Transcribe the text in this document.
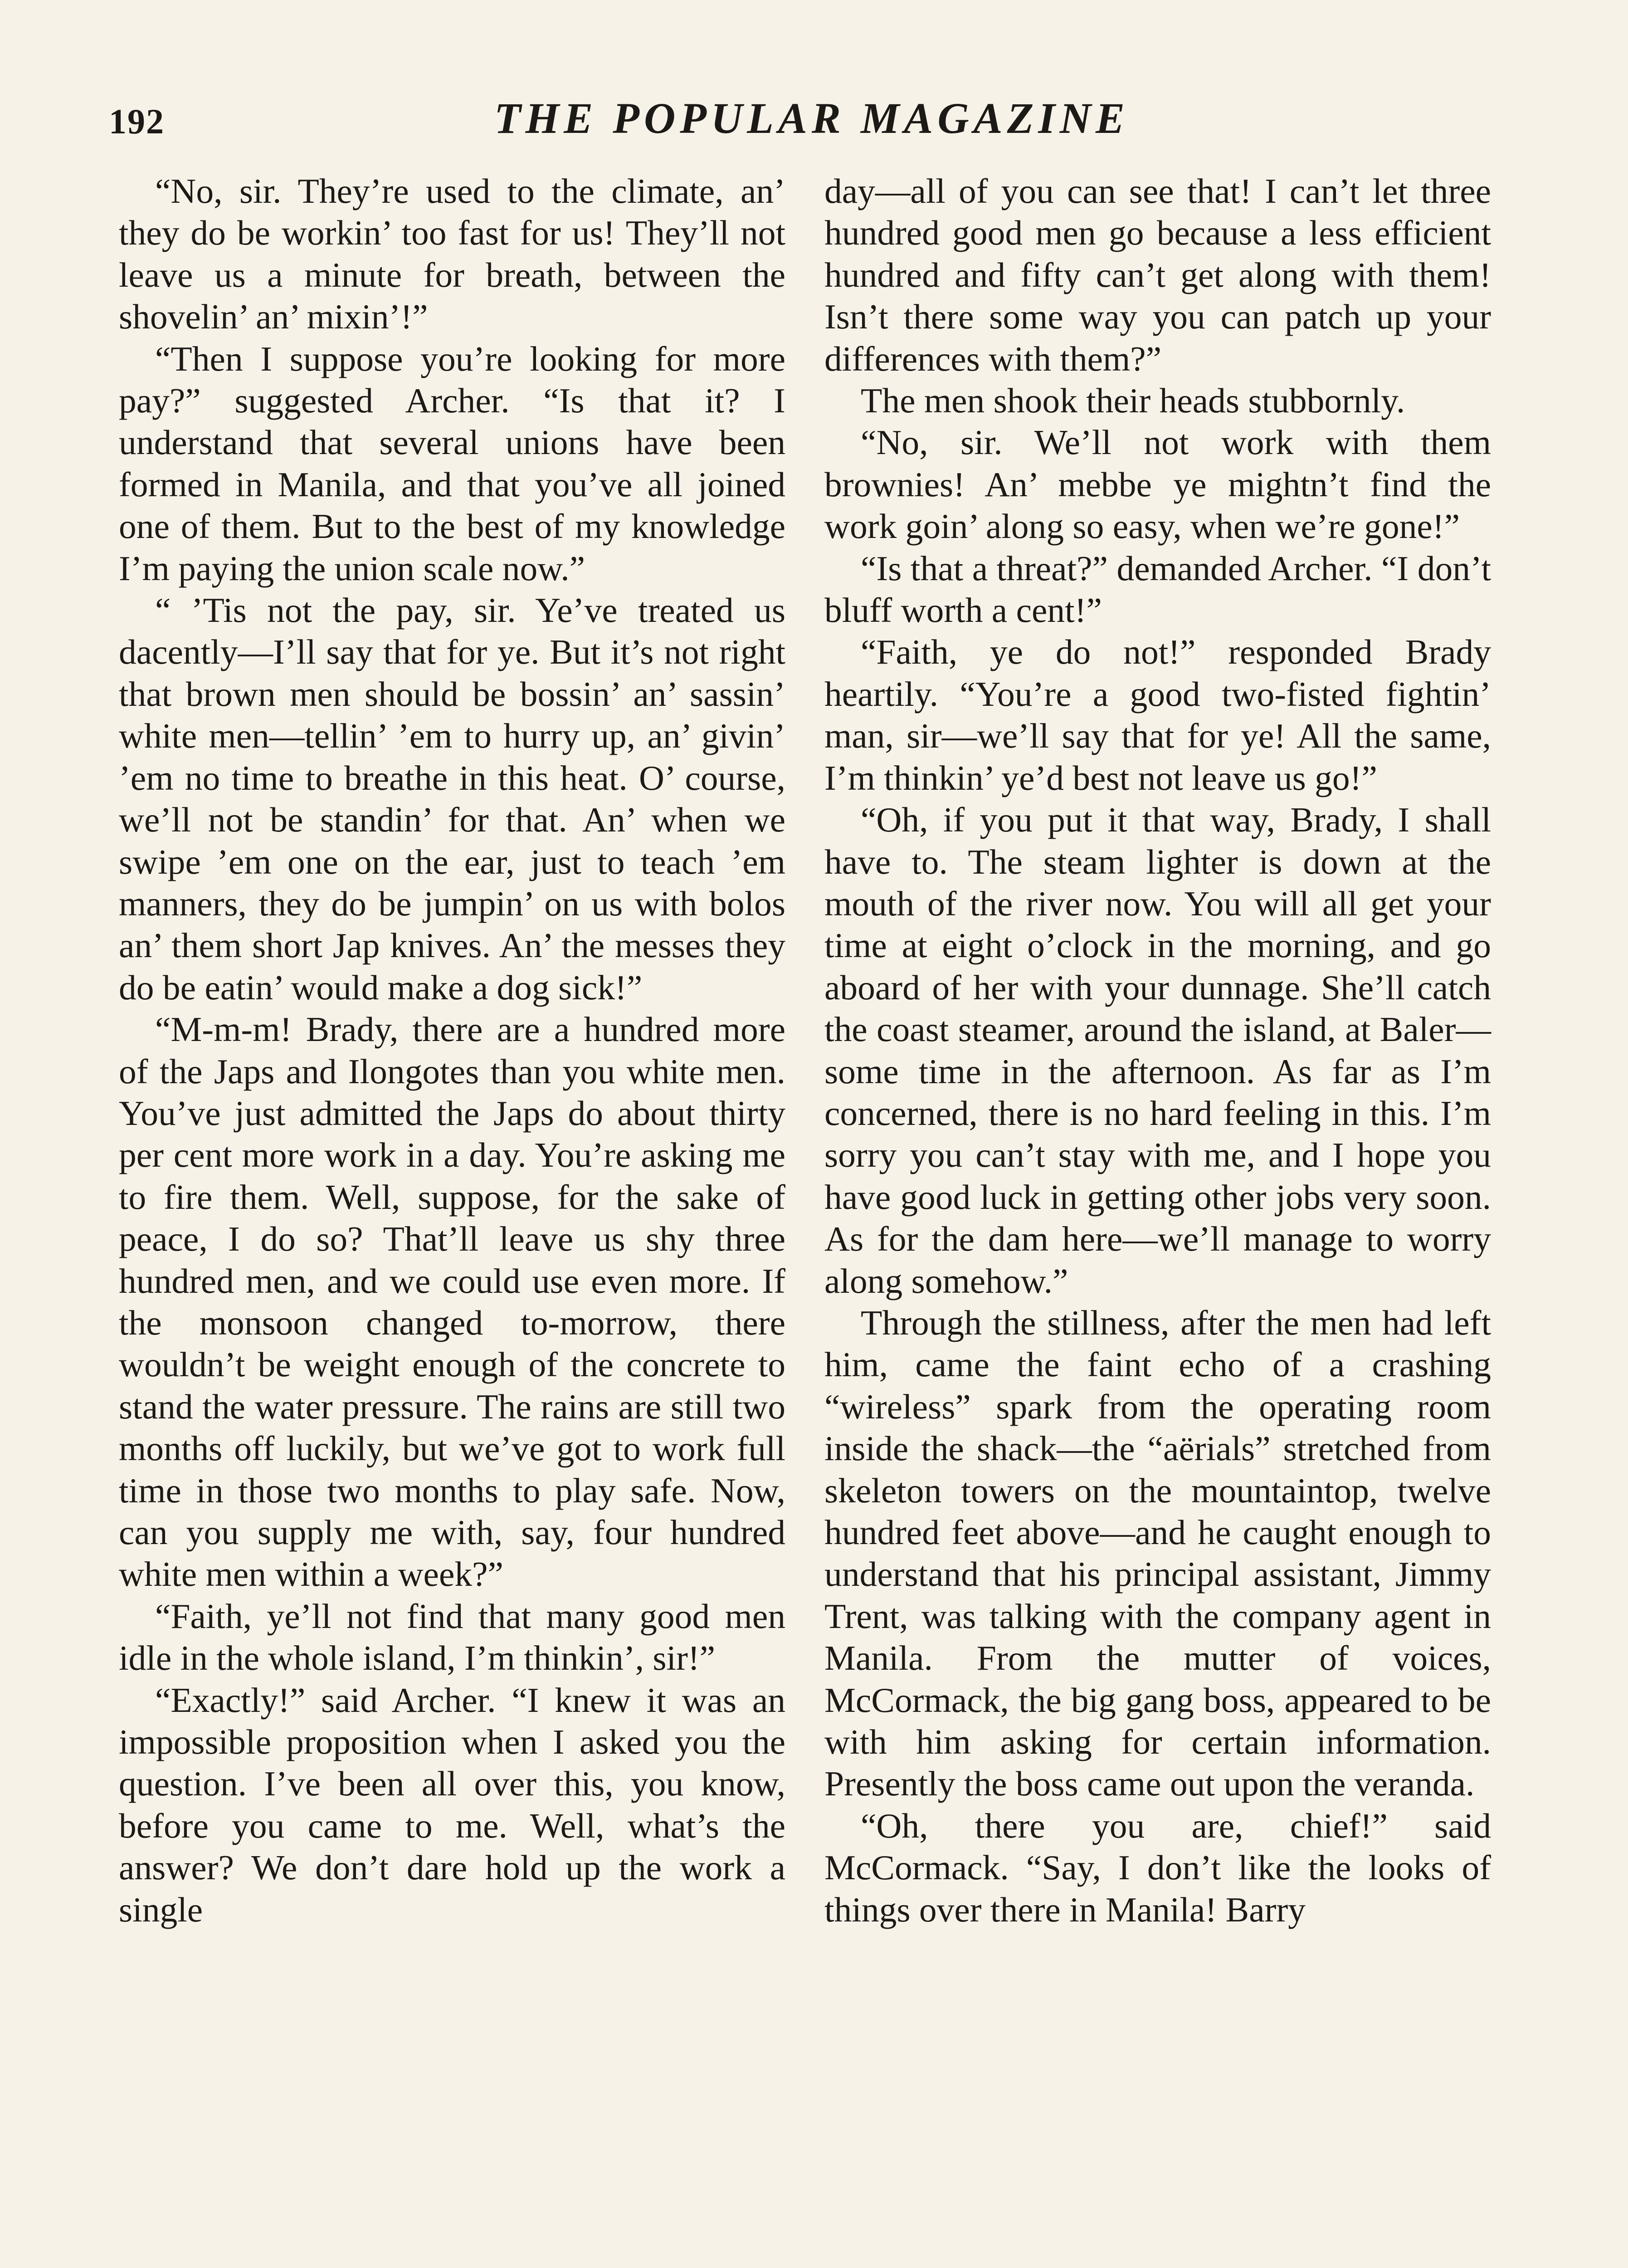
192	THE POPULAR MAGAZINE

“No, sir. They’re used to the climate, an’ they do be workin’ too fast for us! They’ll not leave us a minute for breath, between the shovelin’ an’ mixin’!”

“Then I suppose you’re looking for more pay?” suggested Archer. “Is that it? I understand that several unions have been formed in Manila, and that you’ve all joined one of them. But to the best of my knowledge I’m paying the union scale now.”

“ ’Tis not the pay, sir. Ye’ve treated us dacently—I’ll say that for ye. But it’s not right that brown men should be bossin’ an’ sassin’ white men—tellin’ ’em to hurry up, an’ givin’ ’em no time to breathe in this heat. O’ course, we’ll not be standin’ for that. An’ when we swipe ’em one on the ear, just to teach ’em manners, they do be jumpin’ on us with bolos an’ them short Jap knives. An’ the messes they do be eatin’ would make a dog sick!”

“M-m-m! Brady, there are a hundred more of the Japs and Ilongotes than you white men. You’ve just admitted the Japs do about thirty per cent more work in a day. You’re asking me to fire them. Well, suppose, for the sake of peace, I do so? That’ll leave us shy three hundred men, and we could use even more. If the monsoon changed to-morrow, there wouldn’t be weight enough of the concrete to stand the water pressure. The rains are still two months off luckily, but we’ve got to work full time in those two months to play safe. Now, can you supply me with, say, four hundred white men within a week?”

“Faith, ye’ll not find that many good men idle in the whole island, I’m thinkin’, sir!”

“Exactly!” said Archer. “I knew it was an impossible proposition when I asked you the question. I’ve been all over this, you know, before you came to me. Well, what’s the answer? We don’t dare hold up the work a single

day—all of you can see that! I can’t let three hundred good men go because a less efficient hundred and fifty can’t get along with them! Isn’t there some way you can patch up your differences with them?”

The men shook their heads stubbornly.

“No, sir. We’ll not work with them brownies! An’ mebbe ye mightn’t find the work goin’ along so easy, when we’re gone!”

“Is that a threat?” demanded Archer. “I don’t bluff worth a cent!”

“Faith, ye do not!” responded Brady heartily. “You’re a good two-fisted fightin’ man, sir—we’ll say that for ye! All the same, I’m thinkin’ ye’d best not leave us go!”

“Oh, if you put it that way, Brady, I shall have to. The steam lighter is down at the mouth of the river now. You will all get your time at eight o’clock in the morning, and go aboard of her with your dunnage. She’ll catch the coast steamer, around the island, at Baler—some time in the afternoon. As far as I’m concerned, there is no hard feeling in this. I’m sorry you can’t stay with me, and I hope you have good luck in getting other jobs very soon. As for the dam here—we’ll manage to worry along somehow.”

Through the stillness, after the men had left him, came the faint echo of a crashing “wireless” spark from the operating room inside the shack—the “aërials” stretched from skeleton towers on the mountaintop, twelve hundred feet above—and he caught enough to understand that his principal assistant, Jimmy Trent, was talking with the company agent in Manila. From the mutter of voices, McCormack, the big gang boss, appeared to be with him asking for certain information. Presently the boss came out upon the veranda.

“Oh, there you are, chief!” said McCormack. “Say, I don’t like the looks of things over there in Manila! Barry
